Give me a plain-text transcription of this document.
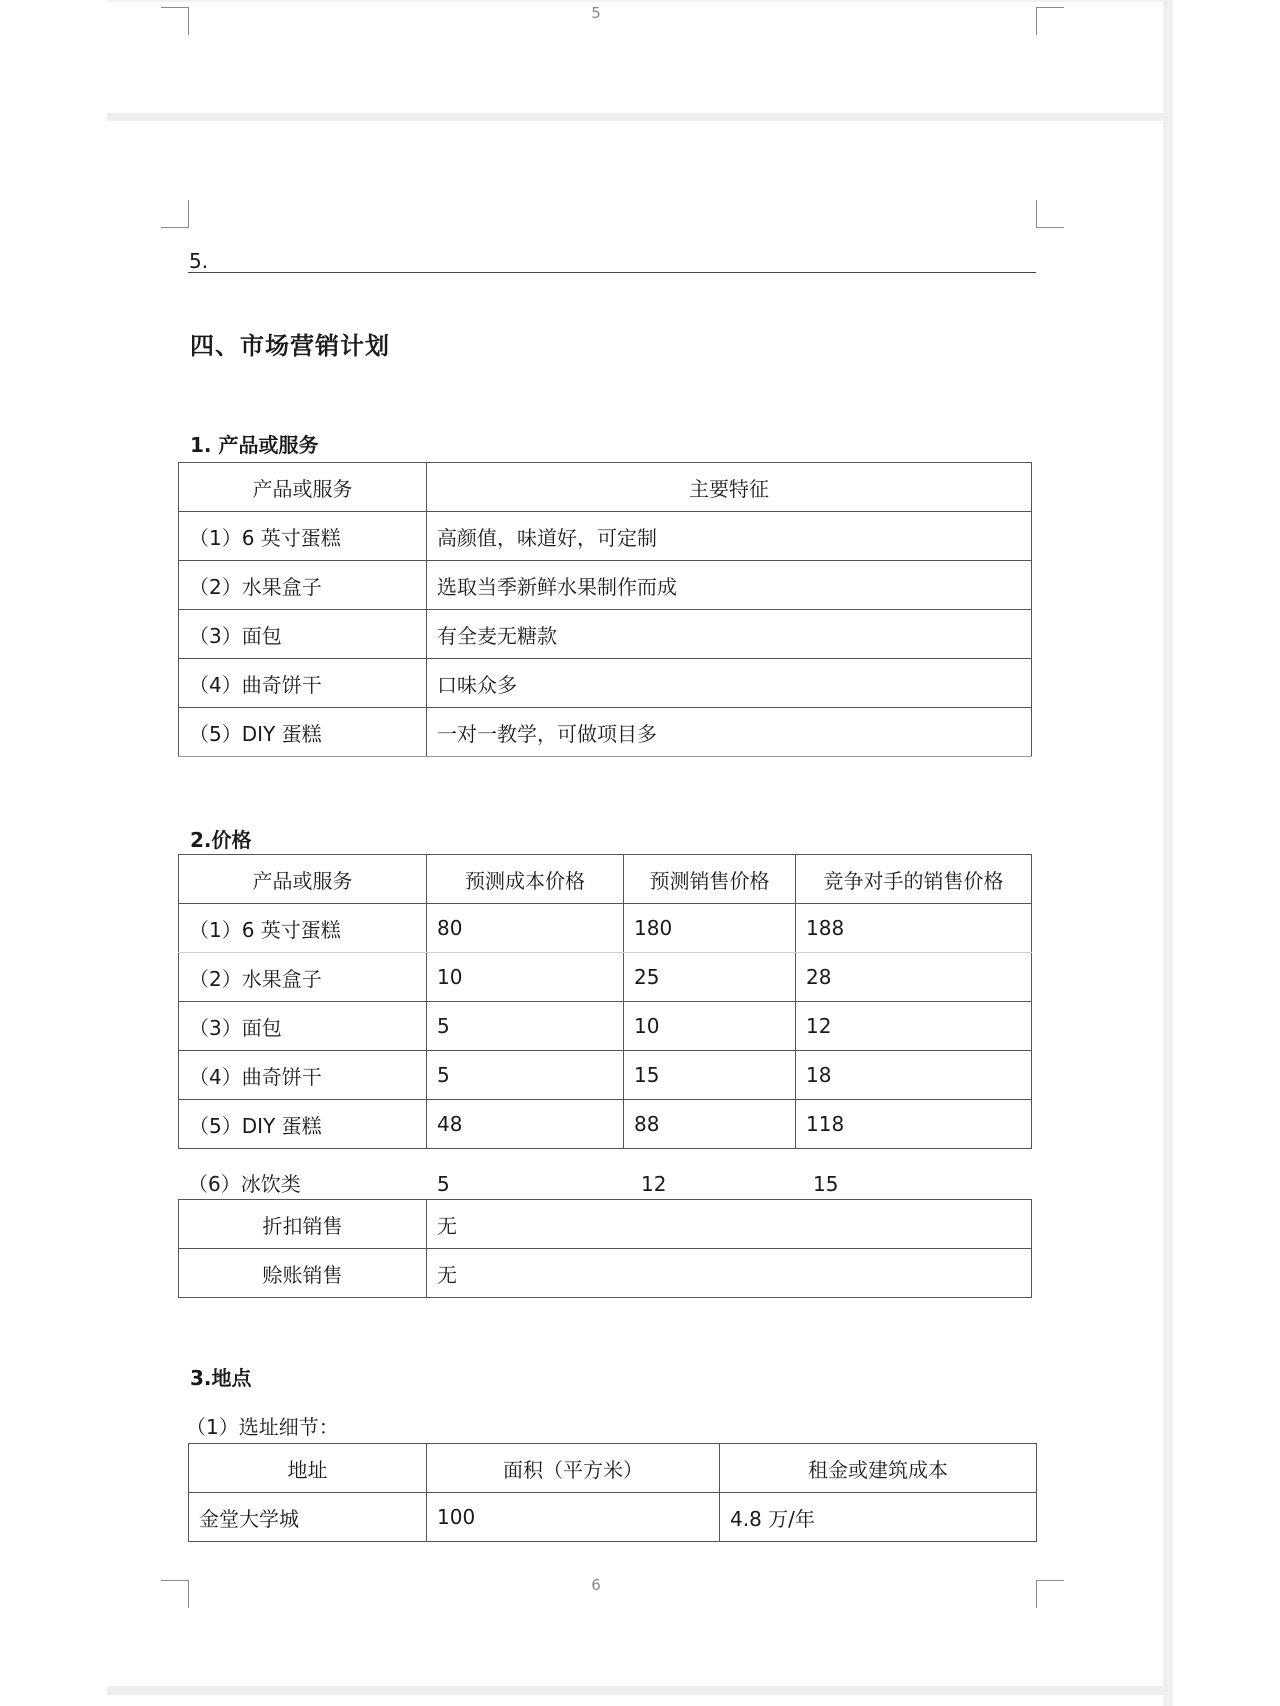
5
5.
四、市场营销计划
1. 产品或服务
产品或服务	主要特征
（1）6 英寸蛋糕	高颜值，味道好，可定制
（2）水果盒子	选取当季新鲜水果制作而成
（3）面包	有全麦无糖款
（4）曲奇饼干	口味众多
（5）DIY 蛋糕	一对一教学，可做项目多
2.价格
产品或服务	预测成本价格	预测销售价格	竞争对手的销售价格
（1）6 英寸蛋糕	80	180	188
（2）水果盒子	10	25	28
（3）面包	5	10	12
（4）曲奇饼干	5	15	18
（5）DIY 蛋糕	48	88	118
（6）冰饮类	5	12	15
折扣销售	无
赊账销售	无
3.地点
（1）选址细节：
地址	面积（平方米）	租金或建筑成本
金堂大学城	100	4.8 万/年
6
